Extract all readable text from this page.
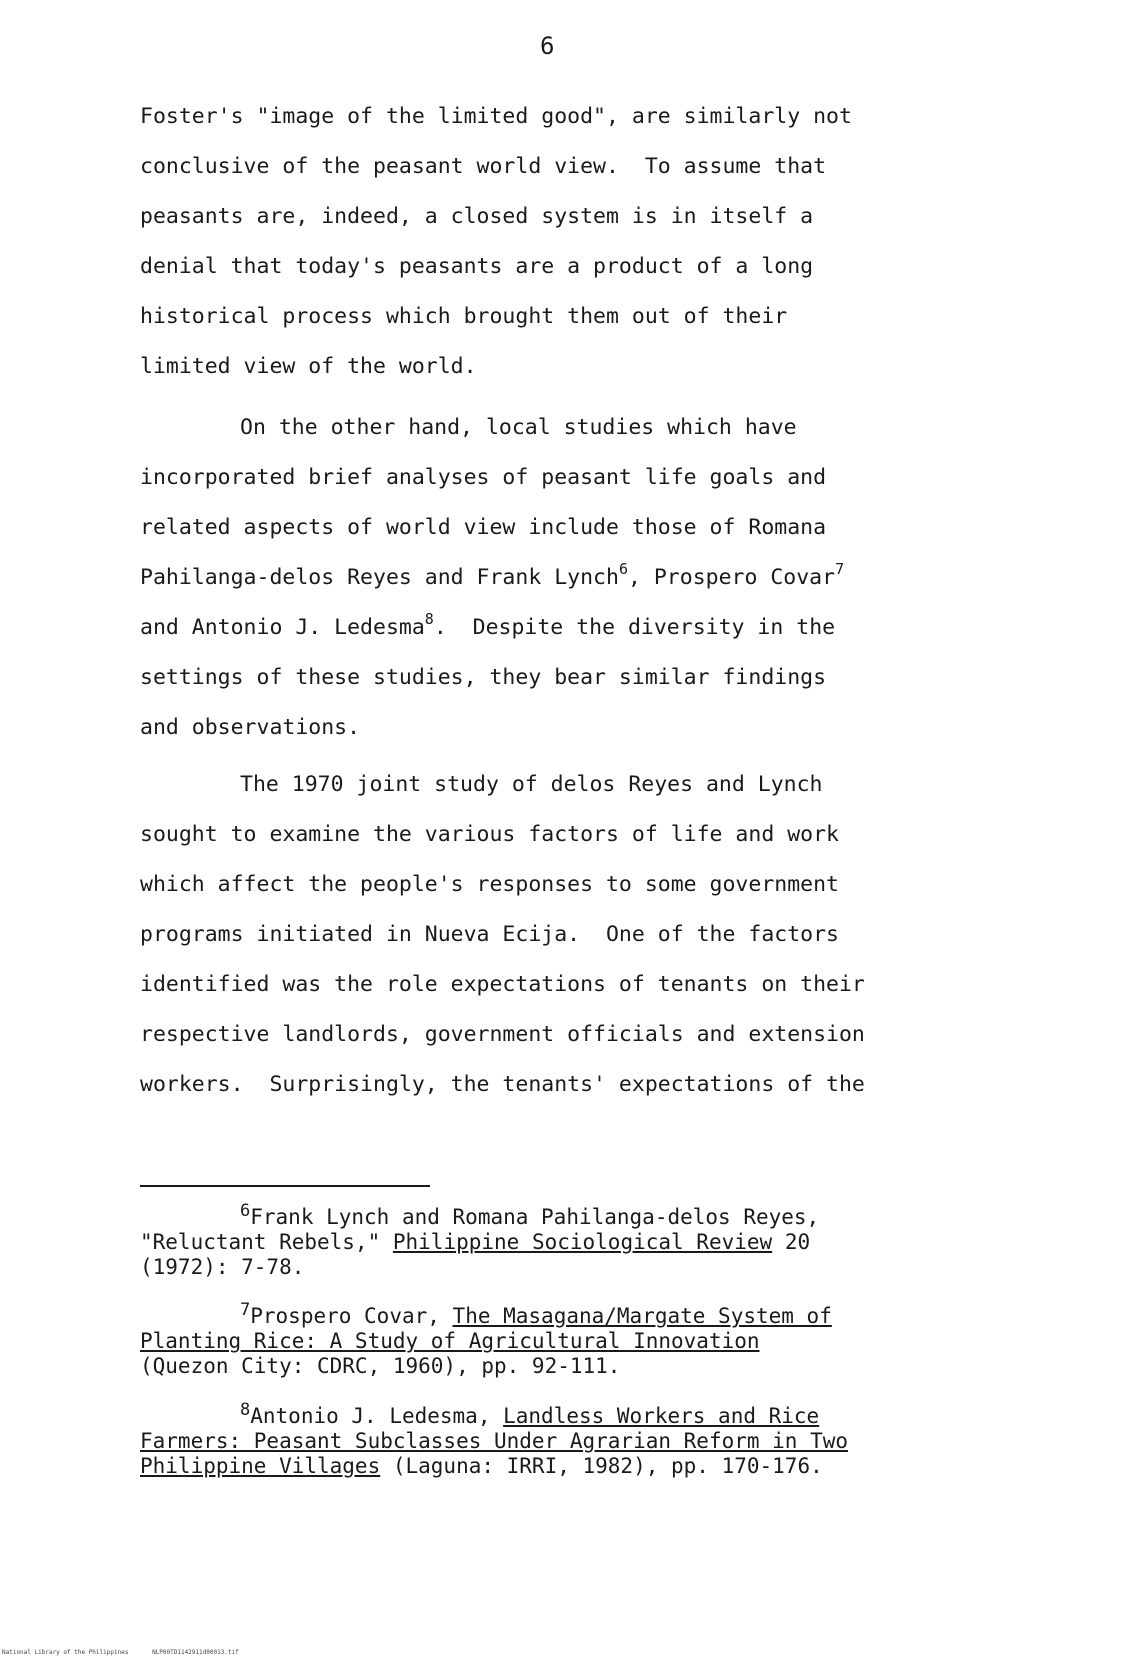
6
Foster's "image of the limited good", are similarly not
conclusive of the peasant world view.  To assume that
peasants are, indeed, a closed system is in itself a
denial that today's peasants are a product of a long
historical process which brought them out of their
limited view of the world.
On the other hand, local studies which have
incorporated brief analyses of peasant life goals and
related aspects of world view include those of Romana
Pahilanga-delos Reyes and Frank Lynch$^6$, Prospero Covar$^7$
and Antonio J. Ledesma$^8$.  Despite the diversity in the
settings of these studies, they bear similar findings
and observations.
The 1970 joint study of delos Reyes and Lynch
sought to examine the various factors of life and work
which affect the people's responses to some government
programs initiated in Nueva Ecija.  One of the factors
identified was the role expectations of tenants on their
respective landlords, government officials and extension
workers.  Surprisingly, the tenants' expectations of the
$^6$Frank Lynch and Romana Pahilanga-delos Reyes,
"Reluctant Rebels," Philippine Sociological Review 20
(1972): 7-78.
$^7$Prospero Covar, The Masagana/Margate System of
Planting Rice: A Study of Agricultural Innovation
(Quezon City: CDRC, 1960), pp. 92-111.
$^8$Antonio J. Ledesma, Landless Workers and Rice
Farmers: Peasant Subclasses Under Agrarian Reform in Two
Philippine Villages (Laguna: IRRI, 1982), pp. 170-176.
National Library of the Philippines	NLP00TD1142911d00013.tif
